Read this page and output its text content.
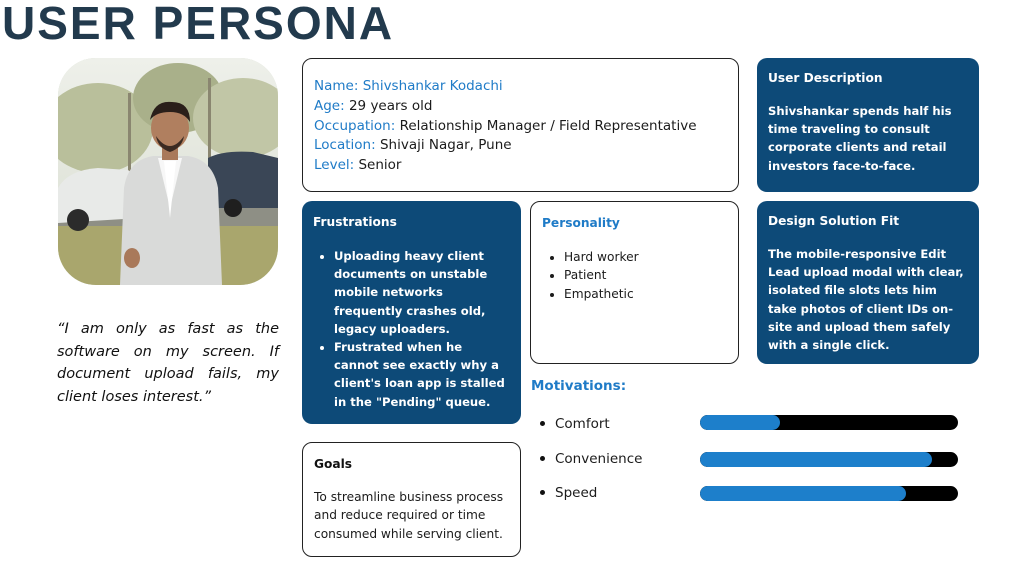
USER PERSONA
“I am only as fast as the software on my screen. If document upload fails, my client loses interest.”
Name: Shivshankar Kodachi
Age: 29 years old
Occupation: Relationship Manager / Field Representative
Location: Shivaji Nagar, Pune
Level: Senior
User Description
Shivshankar spends half his time traveling to consult corporate clients and retail investors face-to-face.
Frustrations
• Uploading heavy client documents on unstable mobile networks frequently crashes old, legacy uploaders.
• Frustrated when he cannot see exactly why a client's loan app is stalled in the "Pending" queue.
Personality
• Hard worker
• Patient
• Empathetic
Design Solution Fit
The mobile-responsive Edit Lead upload modal with clear, isolated file slots lets him take photos of client IDs on-site and upload them safely with a single click.
Goals
To streamline business process and reduce required or time consumed while serving client.
Motivations:
Comfort
Convenience
Speed
